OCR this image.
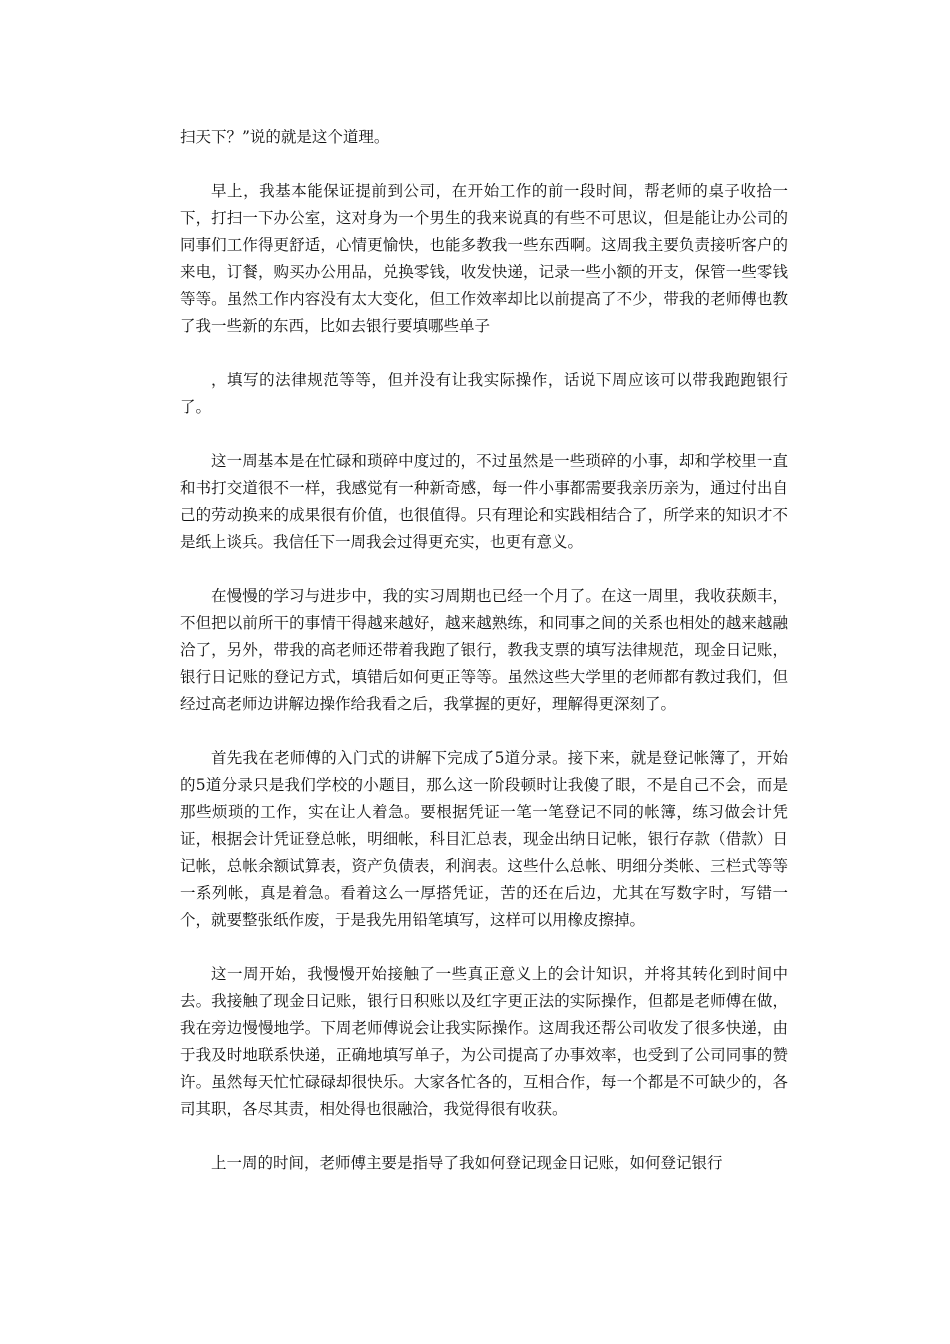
扫天下？”说的就是这个道理。

早上，我基本能保证提前到公司，在开始工作的前一段时间，帮老师的桌子收拾一下，打扫一下办公室，这对身为一个男生的我来说真的有些不可思议，但是能让办公司的同事们工作得更舒适，心情更愉快，也能多教我一些东西啊。这周我主要负责接听客户的来电，订餐，购买办公用品，兑换零钱，收发快递，记录一些小额的开支，保管一些零钱等等。虽然工作内容没有太大变化，但工作效率却比以前提高了不少，带我的老师傅也教了我一些新的东西，比如去银行要填哪些单子

，填写的法律规范等等，但并没有让我实际操作，话说下周应该可以带我跑跑银行了。

这一周基本是在忙碌和琐碎中度过的，不过虽然是一些琐碎的小事，却和学校里一直和书打交道很不一样，我感觉有一种新奇感，每一件小事都需要我亲历亲为，通过付出自己的劳动换来的成果很有价值，也很值得。只有理论和实践相结合了，所学来的知识才不是纸上谈兵。我信任下一周我会过得更充实，也更有意义。

在慢慢的学习与进步中，我的实习周期也已经一个月了。在这一周里，我收获颇丰，不但把以前所干的事情干得越来越好，越来越熟练，和同事之间的关系也相处的越来越融洽了，另外，带我的高老师还带着我跑了银行，教我支票的填写法律规范，现金日记账，银行日记账的登记方式，填错后如何更正等等。虽然这些大学里的老师都有教过我们，但经过高老师边讲解边操作给我看之后，我掌握的更好，理解得更深刻了。

首先我在老师傅的入门式的讲解下完成了5道分录。接下来，就是登记帐簿了，开始的5道分录只是我们学校的小题目，那么这一阶段顿时让我傻了眼，不是自己不会，而是那些烦琐的工作，实在让人着急。要根据凭证一笔一笔登记不同的帐簿，练习做会计凭证，根据会计凭证登总帐，明细帐，科目汇总表，现金出纳日记帐，银行存款（借款）日记帐，总帐余额试算表，资产负债表，利润表。这些什么总帐、明细分类帐、三栏式等等一系列帐，真是着急。看着这么一厚搭凭证，苦的还在后边，尤其在写数字时，写错一个，就要整张纸作废，于是我先用铅笔填写，这样可以用橡皮擦掉。

这一周开始，我慢慢开始接触了一些真正意义上的会计知识，并将其转化到时间中去。我接触了现金日记账，银行日积账以及红字更正法的实际操作，但都是老师傅在做，我在旁边慢慢地学。下周老师傅说会让我实际操作。这周我还帮公司收发了很多快递，由于我及时地联系快递，正确地填写单子，为公司提高了办事效率，也受到了公司同事的赞许。虽然每天忙忙碌碌却很快乐。大家各忙各的，互相合作，每一个都是不可缺少的，各司其职，各尽其责，相处得也很融洽，我觉得很有收获。

上一周的时间，老师傅主要是指导了我如何登记现金日记账，如何登记银行
